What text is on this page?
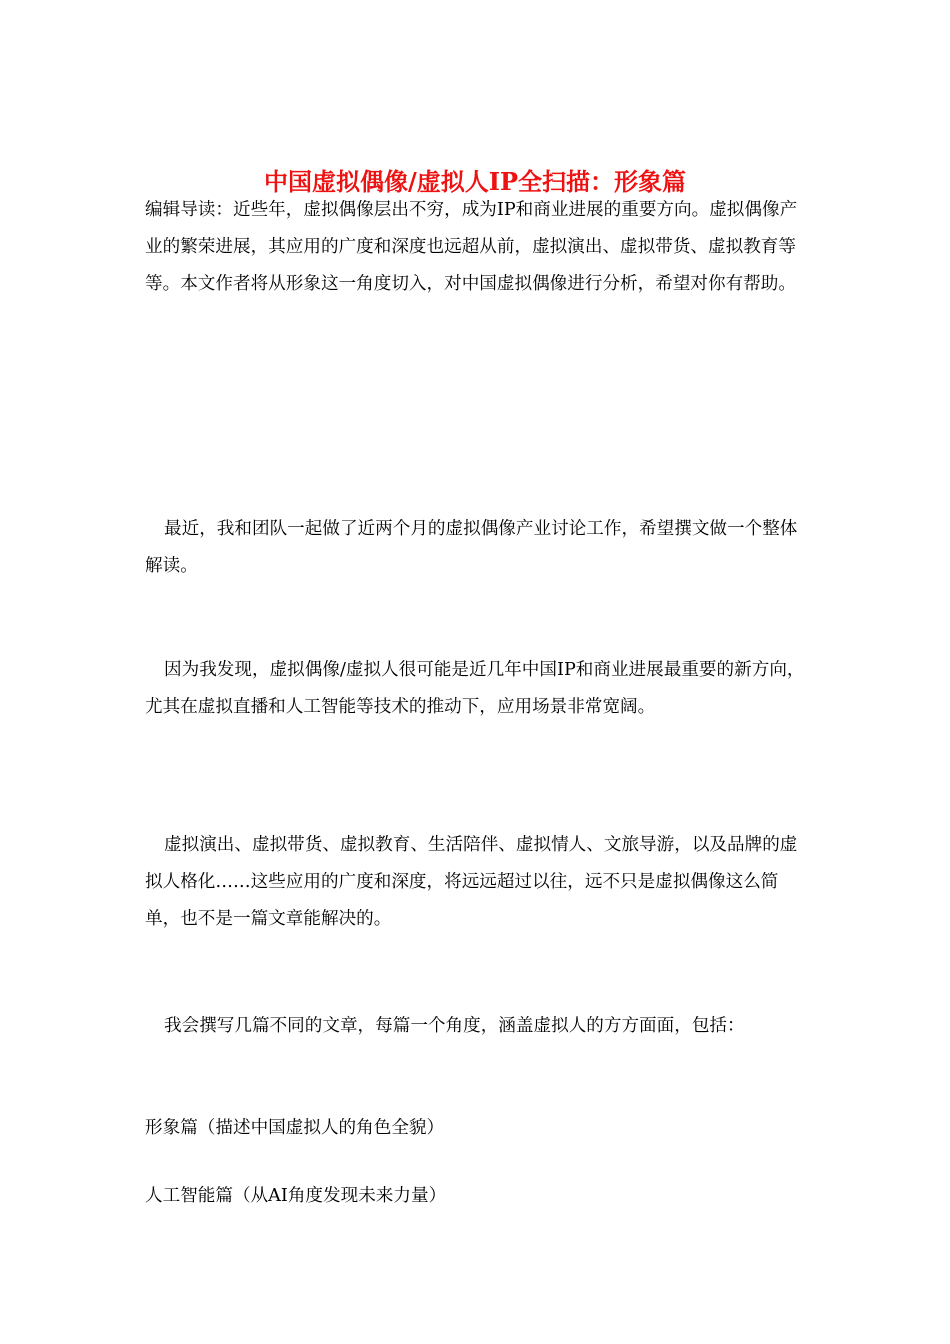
中国虚拟偶像/虚拟人IP全扫描：形象篇

编辑导读：近些年，虚拟偶像层出不穷，成为IP和商业进展的重要方向。虚拟偶像产业的繁荣进展，其应用的广度和深度也远超从前，虚拟演出、虚拟带货、虚拟教育等等。本文作者将从形象这一角度切入，对中国虚拟偶像进行分析，希望对你有帮助。

最近，我和团队一起做了近两个月的虚拟偶像产业讨论工作，希望撰文做一个整体解读。

因为我发现，虚拟偶像/虚拟人很可能是近几年中国IP和商业进展最重要的新方向，尤其在虚拟直播和人工智能等技术的推动下，应用场景非常宽阔。

虚拟演出、虚拟带货、虚拟教育、生活陪伴、虚拟情人、文旅导游，以及品牌的虚拟人格化……这些应用的广度和深度，将远远超过以往，远不只是虚拟偶像这么简单，也不是一篇文章能解决的。

我会撰写几篇不同的文章，每篇一个角度，涵盖虚拟人的方方面面，包括：

形象篇（描述中国虚拟人的角色全貌）

人工智能篇（从AI角度发现未来力量）
